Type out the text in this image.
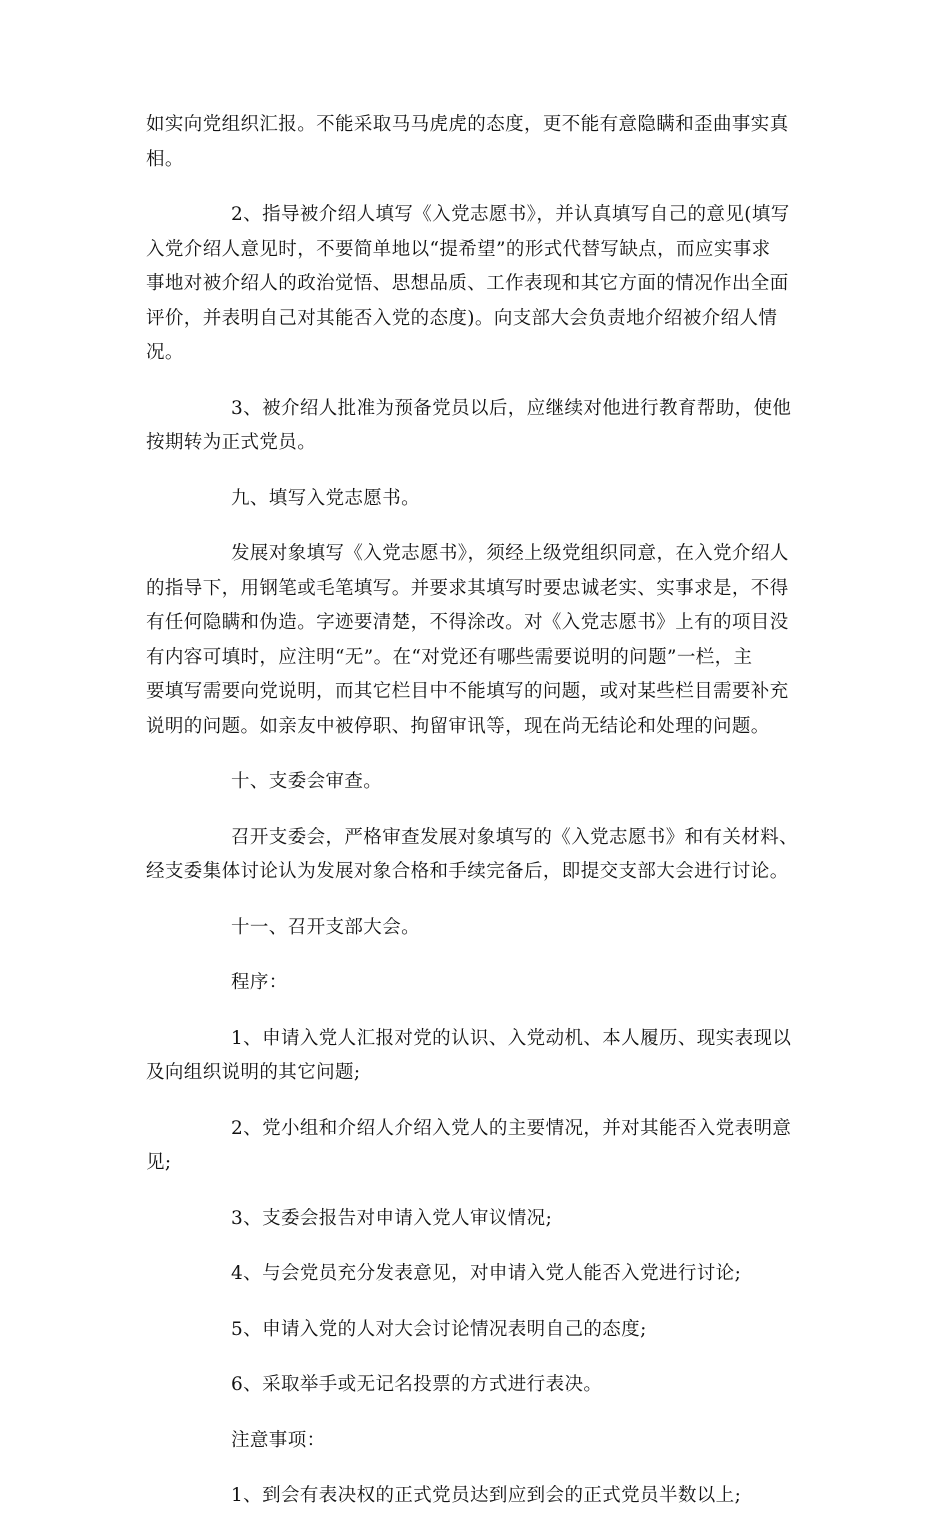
如实向党组织汇报。不能采取马马虎虎的态度，更不能有意隐瞒和歪曲事实真
相。

2、指导被介绍人填写《入党志愿书》，并认真填写自己的意见(填写
入党介绍人意见时，不要简单地以“提希望”的形式代替写缺点，而应实事求
事地对被介绍人的政治觉悟、思想品质、工作表现和其它方面的情况作出全面
评价，并表明自己对其能否入党的态度)。向支部大会负责地介绍被介绍人情况。

3、被介绍人批准为预备党员以后，应继续对他进行教育帮助，使他
按期转为正式党员。

九、填写入党志愿书。

发展对象填写《入党志愿书》，须经上级党组织同意，在入党介绍人
的指导下，用钢笔或毛笔填写。并要求其填写时要忠诚老实、实事求是，不得
有任何隐瞒和伪造。字迹要清楚，不得涂改。对《入党志愿书》上有的项目没
有内容可填时，应注明“无”。在“对党还有哪些需要说明的问题”一栏，主
要填写需要向党说明，而其它栏目中不能填写的问题，或对某些栏目需要补充
说明的问题。如亲友中被停职、拘留审讯等，现在尚无结论和处理的问题。

十、支委会审查。

召开支委会，严格审查发展对象填写的《入党志愿书》和有关材料、
经支委集体讨论认为发展对象合格和手续完备后，即提交支部大会进行讨论。

十一、召开支部大会。

程序：

1、申请入党人汇报对党的认识、入党动机、本人履历、现实表现以
及向组织说明的其它问题;

2、党小组和介绍人介绍入党人的主要情况，并对其能否入党表明意
见;

3、支委会报告对申请入党人审议情况;

4、与会党员充分发表意见，对申请入党人能否入党进行讨论;

5、申请入党的人对大会讨论情况表明自己的态度;

6、采取举手或无记名投票的方式进行表决。

注意事项：

1、到会有表决权的正式党员达到应到会的正式党员半数以上;
